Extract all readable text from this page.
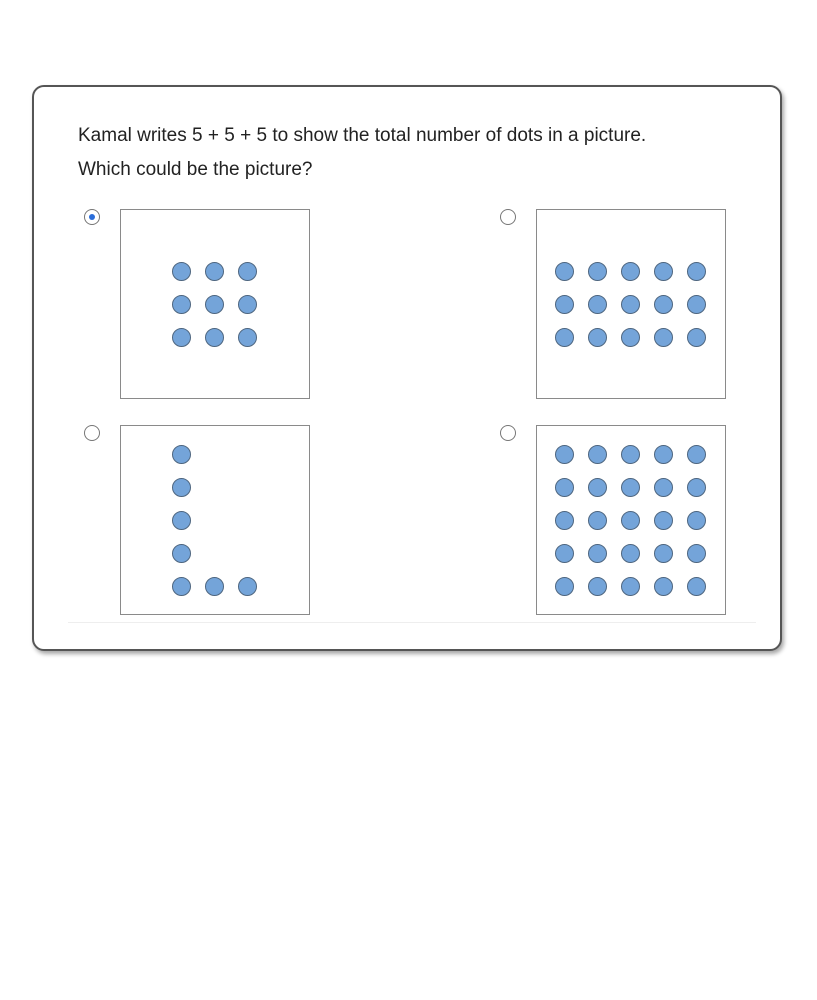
Kamal writes 5 + 5 + 5 to show the total number of dots in a picture.
Which could be the picture?
